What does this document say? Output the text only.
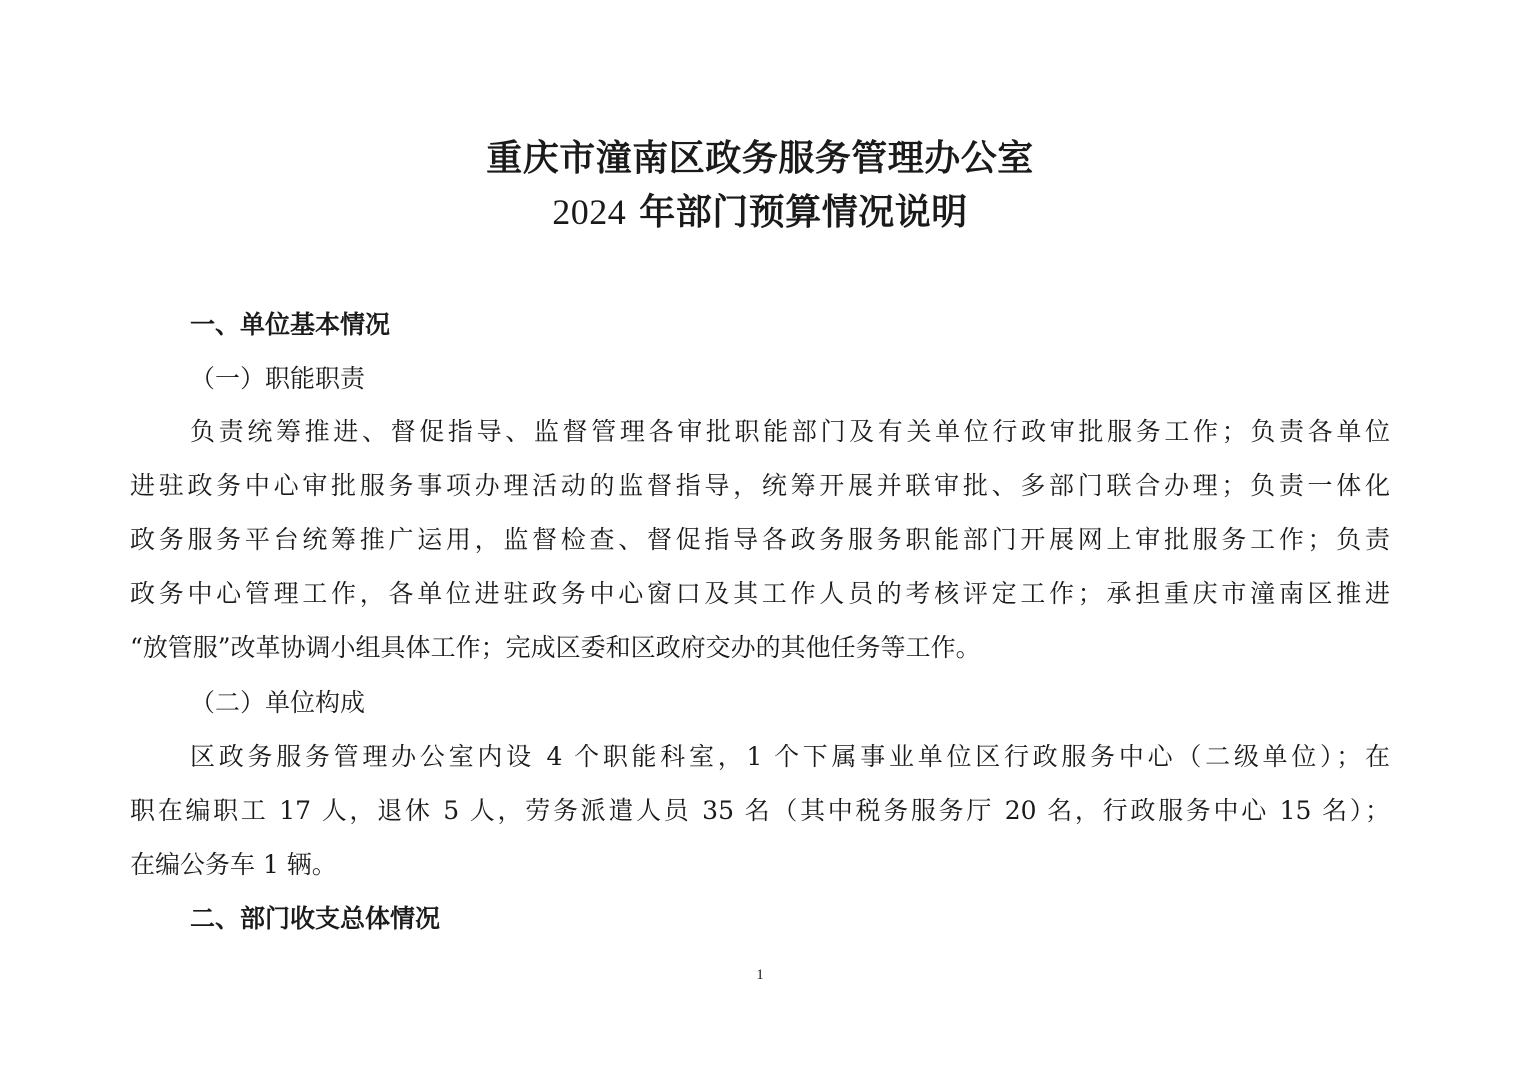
重庆市潼南区政务服务管理办公室
2024 年部门预算情况说明
一、单位基本情况
（一）职能职责
负责统筹推进、督促指导、监督管理各审批职能部门及有关单位行政审批服务工作；负责各单位
进驻政务中心审批服务事项办理活动的监督指导，统筹开展并联审批、多部门联合办理；负责一体化
政务服务平台统筹推广运用，监督检查、督促指导各政务服务职能部门开展网上审批服务工作；负责
政务中心管理工作，各单位进驻政务中心窗口及其工作人员的考核评定工作；承担重庆市潼南区推进
“放管服”改革协调小组具体工作；完成区委和区政府交办的其他任务等工作。
（二）单位构成
区政务服务管理办公室内设 4 个职能科室，1 个下属事业单位区行政服务中心（二级单位）；在
职在编职工 17 人，退休 5 人，劳务派遣人员 35 名（其中税务服务厅 20 名，行政服务中心 15 名）；
在编公务车 1 辆。
二、部门收支总体情况
1
